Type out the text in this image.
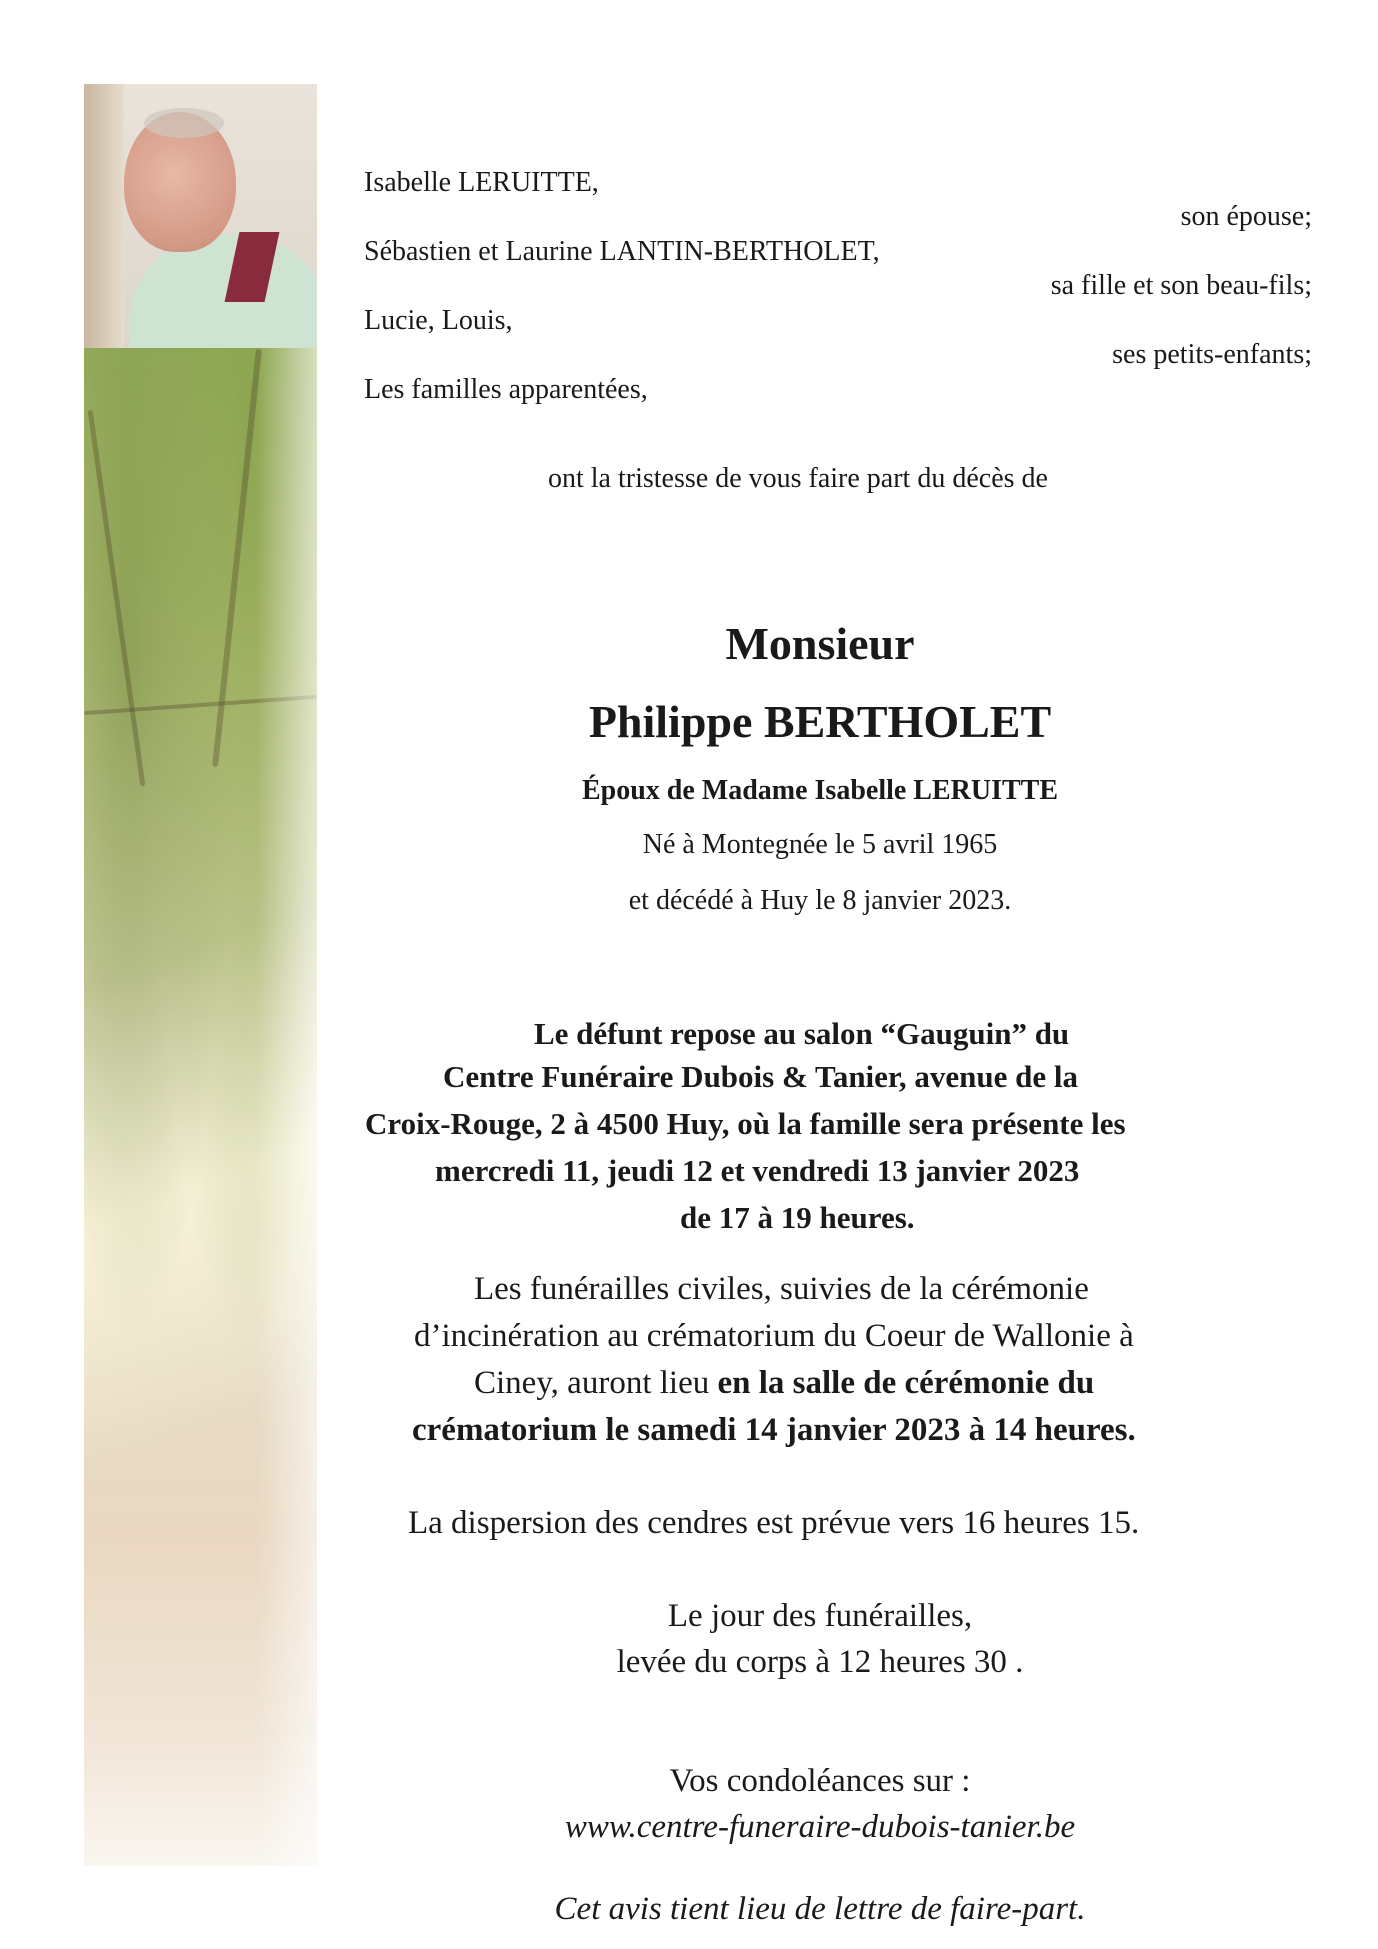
Isabelle LERUITTE,
son épouse;
Sébastien et Laurine LANTIN-BERTHOLET,
sa fille et son beau-fils;
Lucie, Louis,
ses petits-enfants;
Les familles apparentées,
ont la tristesse de vous faire part du décès de
Monsieur
Philippe BERTHOLET
Époux de Madame Isabelle LERUITTE
Né à Montegnée le 5 avril 1965
et décédé à Huy le 8 janvier 2023.
Le défunt repose au salon “Gauguin” du
Centre Funéraire Dubois & Tanier, avenue de la
Croix-Rouge, 2 à 4500 Huy, où la famille sera présente les
mercredi 11, jeudi 12 et vendredi 13 janvier 2023
de 17 à 19 heures.
Les funérailles civiles, suivies de la cérémonie
d’incinération au crématorium du Coeur de Wallonie à
Ciney, auront lieu en la salle de cérémonie du
crématorium le samedi 14 janvier 2023 à 14 heures.
La dispersion des cendres est prévue vers 16 heures 15.
Le jour des funérailles,
levée du corps à 12 heures 30 .
Vos condoléances sur :
www.centre-funeraire-dubois-tanier.be
Cet avis tient lieu de lettre de faire-part.
